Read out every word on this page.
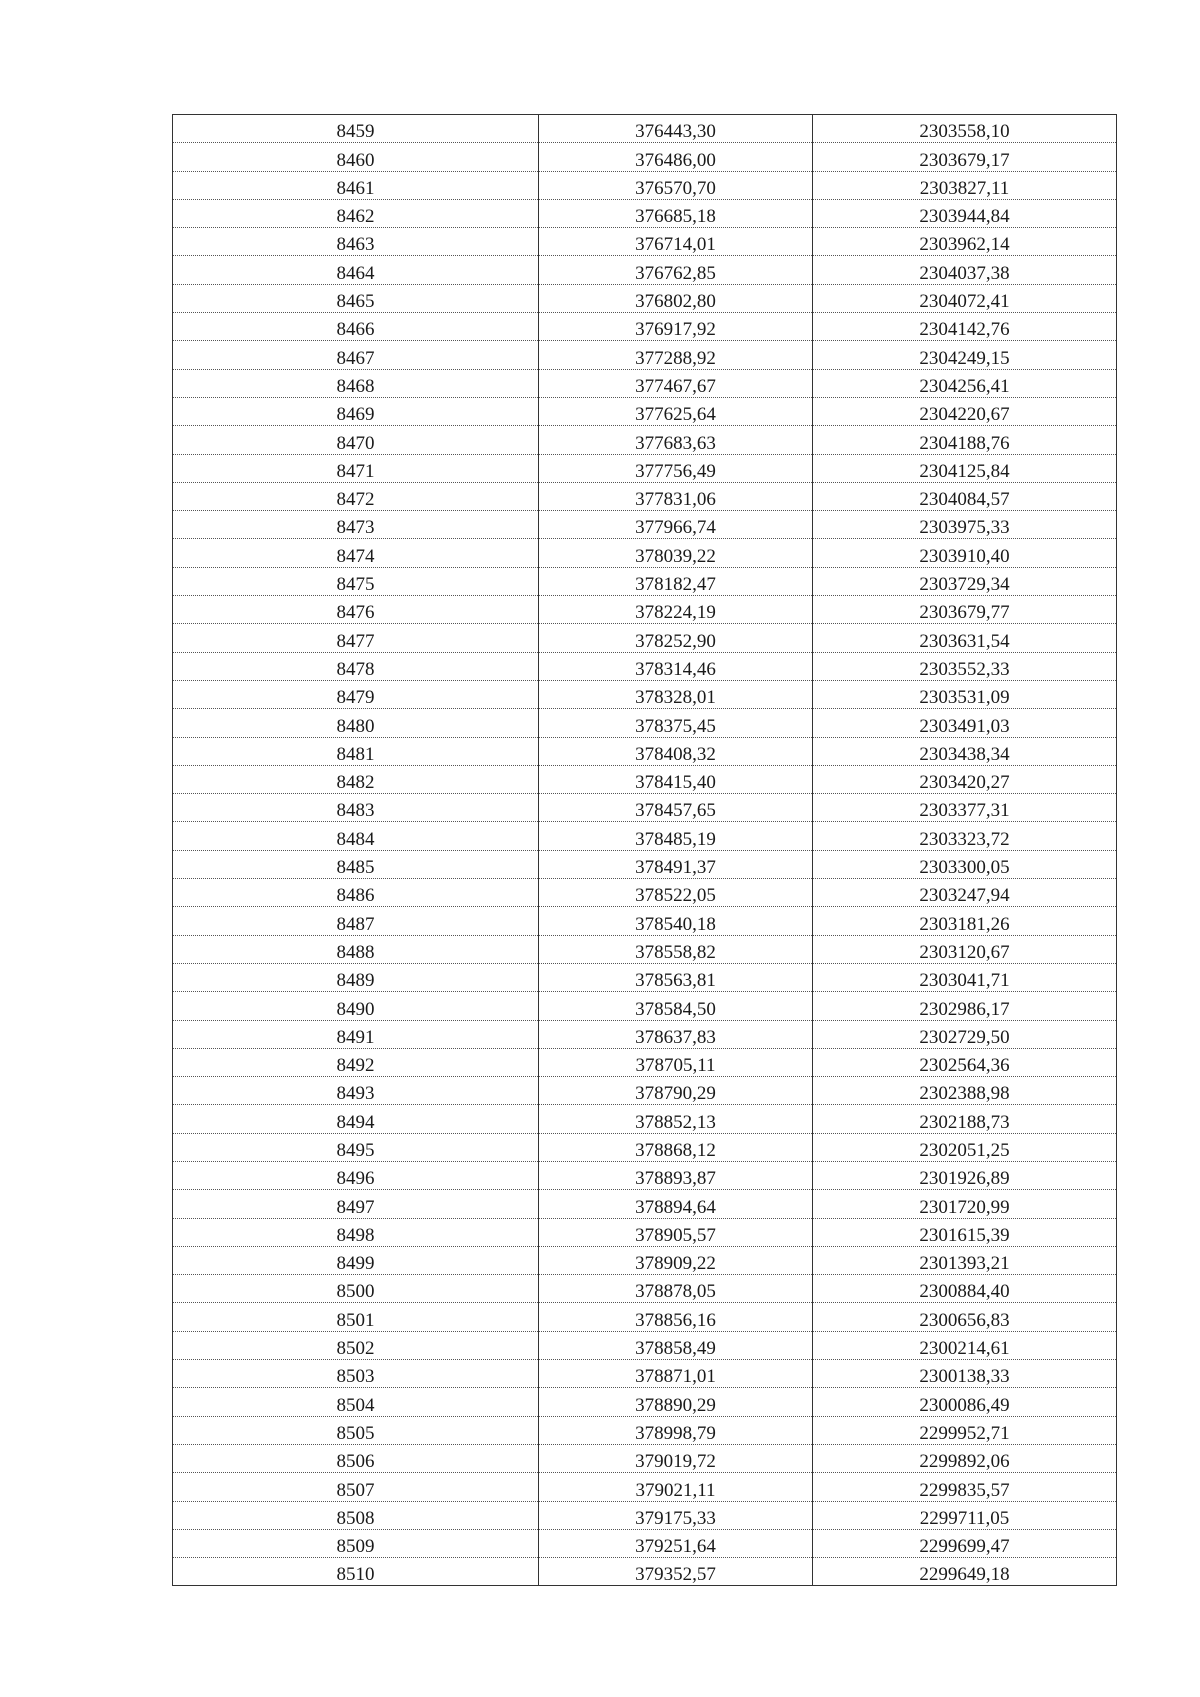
8459	376443,30	2303558,10
8460	376486,00	2303679,17
8461	376570,70	2303827,11
8462	376685,18	2303944,84
8463	376714,01	2303962,14
8464	376762,85	2304037,38
8465	376802,80	2304072,41
8466	376917,92	2304142,76
8467	377288,92	2304249,15
8468	377467,67	2304256,41
8469	377625,64	2304220,67
8470	377683,63	2304188,76
8471	377756,49	2304125,84
8472	377831,06	2304084,57
8473	377966,74	2303975,33
8474	378039,22	2303910,40
8475	378182,47	2303729,34
8476	378224,19	2303679,77
8477	378252,90	2303631,54
8478	378314,46	2303552,33
8479	378328,01	2303531,09
8480	378375,45	2303491,03
8481	378408,32	2303438,34
8482	378415,40	2303420,27
8483	378457,65	2303377,31
8484	378485,19	2303323,72
8485	378491,37	2303300,05
8486	378522,05	2303247,94
8487	378540,18	2303181,26
8488	378558,82	2303120,67
8489	378563,81	2303041,71
8490	378584,50	2302986,17
8491	378637,83	2302729,50
8492	378705,11	2302564,36
8493	378790,29	2302388,98
8494	378852,13	2302188,73
8495	378868,12	2302051,25
8496	378893,87	2301926,89
8497	378894,64	2301720,99
8498	378905,57	2301615,39
8499	378909,22	2301393,21
8500	378878,05	2300884,40
8501	378856,16	2300656,83
8502	378858,49	2300214,61
8503	378871,01	2300138,33
8504	378890,29	2300086,49
8505	378998,79	2299952,71
8506	379019,72	2299892,06
8507	379021,11	2299835,57
8508	379175,33	2299711,05
8509	379251,64	2299699,47
8510	379352,57	2299649,18
